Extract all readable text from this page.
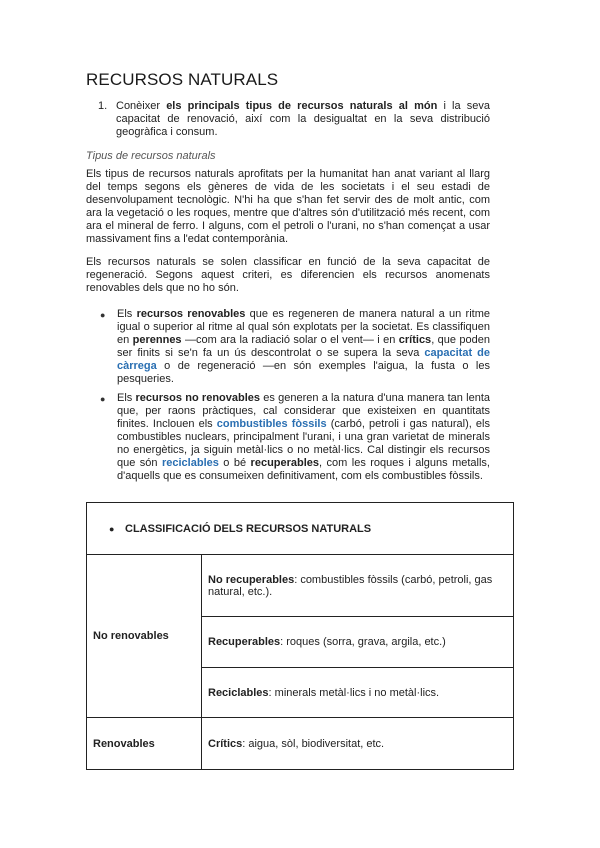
RECURSOS NATURALS
1. Conèixer els principals tipus de recursos naturals al món i la seva capacitat de renovació, així com la desigualtat en la seva distribució geogràfica i consum.
Tipus de recursos naturals
Els tipus de recursos naturals aprofitats per la humanitat han anat variant al llarg del temps segons els gèneres de vida de les societats i el seu estadi de desenvolupament tecnològic. N'hi ha que s'han fet servir des de molt antic, com ara la vegetació o les roques, mentre que d'altres són d'utilització més recent, com ara el mineral de ferro. I alguns, com el petroli o l'urani, no s'han començat a usar massivament fins a l'edat contemporània.
Els recursos naturals se solen classificar en funció de la seva capacitat de regeneració. Segons aquest criteri, es diferencien els recursos anomenats renovables dels que no ho són.
● Els recursos renovables que es regeneren de manera natural a un ritme igual o superior al ritme al qual són explotats per la societat. Es classifiquen en perennes —com ara la radiació solar o el vent— i en crítics, que poden ser finits si se'n fa un ús descontrolat o se supera la seva capacitat de càrrega o de regeneració —en són exemples l'aigua, la fusta o les pesqueries.
● Els recursos no renovables es generen a la natura d'una manera tan lenta que, per raons pràctiques, cal considerar que existeixen en quantitats finites. Inclouen els combustibles fòssils (carbó, petroli i gas natural), els combustibles nuclears, principalment l'urani, i una gran varietat de minerals no energètics, ja siguin metàl·lics o no metàl·lics. Cal distingir els recursos que són reciclables o bé recuperables, com les roques i alguns metalls, d'aquells que es consumeixen definitivament, com els combustibles fòssils.
● CLASSIFICACIÓ DELS RECURSOS NATURALS	
No renovables	No recuperables: combustibles fòssils (carbó, petroli, gas natural, etc.).
	Recuperables: roques (sorra, grava, argila, etc.)
	Reciclables: minerals metàl·lics i no metàl·lics.
Renovables	Crítics: aigua, sòl, biodiversitat, etc.
